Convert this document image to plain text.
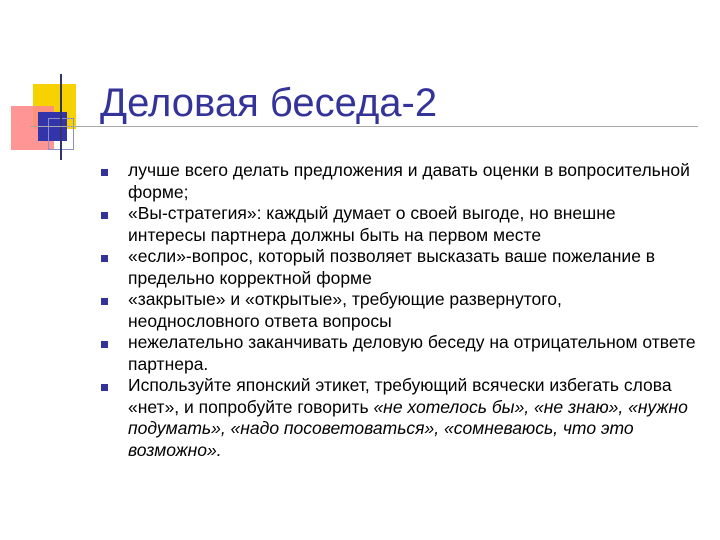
Деловая беседа-2
лучше всего делать предложения и давать оценки в вопросительной форме;
«Вы-стратегия»: каждый думает о своей выгоде, но внешне интересы партнера должны быть на первом месте
«если»-вопрос, который позволяет высказать ваше пожелание в предельно корректной форме
«закрытые» и «открытые», требующие развернутого, неоднословного ответа вопросы
нежелательно заканчивать деловую беседу на отрицательном ответе партнера.
Используйте японский этикет, требующий всячески избегать слова «нет», и попробуйте говорить «не хотелось бы», «не знаю», «нужно подумать», «надо посоветоваться», «сомневаюсь, что это возможно».
